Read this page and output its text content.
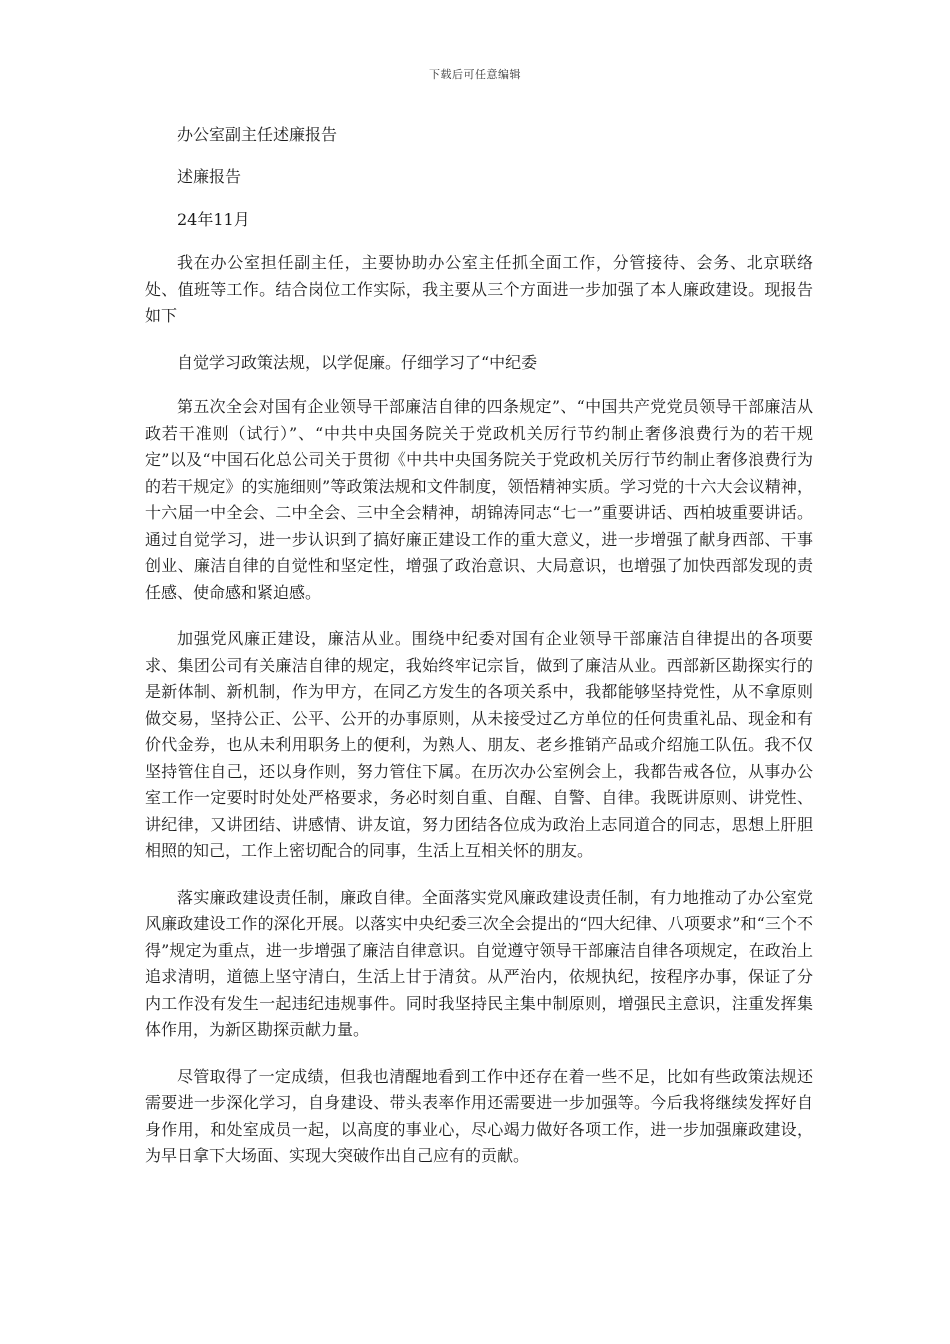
下载后可任意编辑

办公室副主任述廉报告

述廉报告

24年11月

我在办公室担任副主任，主要协助办公室主任抓全面工作，分管接待、会务、北京联络处、值班等工作。结合岗位工作实际，我主要从三个方面进一步加强了本人廉政建设。现报告如下

自觉学习政策法规，以学促廉。仔细学习了“中纪委

第五次全会对国有企业领导干部廉洁自律的四条规定”、“中国共产党党员领导干部廉洁从政若干准则（试行）”、“中共中央国务院关于党政机关厉行节约制止奢侈浪费行为的若干规定”以及“中国石化总公司关于贯彻《中共中央国务院关于党政机关厉行节约制止奢侈浪费行为的若干规定》的实施细则”等政策法规和文件制度，领悟精神实质。学习党的十六大会议精神，十六届一中全会、二中全会、三中全会精神，胡锦涛同志“七一”重要讲话、西柏坡重要讲话。通过自觉学习，进一步认识到了搞好廉正建设工作的重大意义，进一步增强了献身西部、干事创业、廉洁自律的自觉性和坚定性，增强了政治意识、大局意识，也增强了加快西部发现的责任感、使命感和紧迫感。

加强党风廉正建设，廉洁从业。围绕中纪委对国有企业领导干部廉洁自律提出的各项要求、集团公司有关廉洁自律的规定，我始终牢记宗旨，做到了廉洁从业。西部新区勘探实行的是新体制、新机制，作为甲方，在同乙方发生的各项关系中，我都能够坚持党性，从不拿原则做交易，坚持公正、公平、公开的办事原则，从未接受过乙方单位的任何贵重礼品、现金和有价代金券，也从未利用职务上的便利，为熟人、朋友、老乡推销产品或介绍施工队伍。我不仅坚持管住自己，还以身作则，努力管住下属。在历次办公室例会上，我都告戒各位，从事办公室工作一定要时时处处严格要求，务必时刻自重、自醒、自警、自律。我既讲原则、讲党性、讲纪律，又讲团结、讲感情、讲友谊，努力团结各位成为政治上志同道合的同志，思想上肝胆相照的知己，工作上密切配合的同事，生活上互相关怀的朋友。

落实廉政建设责任制，廉政自律。全面落实党风廉政建设责任制，有力地推动了办公室党风廉政建设工作的深化开展。以落实中央纪委三次全会提出的“四大纪律、八项要求”和“三个不得”规定为重点，进一步增强了廉洁自律意识。自觉遵守领导干部廉洁自律各项规定，在政治上追求清明，道德上坚守清白，生活上甘于清贫。从严治内，依规执纪，按程序办事，保证了分内工作没有发生一起违纪违规事件。同时我坚持民主集中制原则，增强民主意识，注重发挥集体作用，为新区勘探贡献力量。

尽管取得了一定成绩，但我也清醒地看到工作中还存在着一些不足，比如有些政策法规还需要进一步深化学习，自身建设、带头表率作用还需要进一步加强等。今后我将继续发挥好自身作用，和处室成员一起，以高度的事业心，尽心竭力做好各项工作，进一步加强廉政建设，为早日拿下大场面、实现大突破作出自己应有的贡献。
